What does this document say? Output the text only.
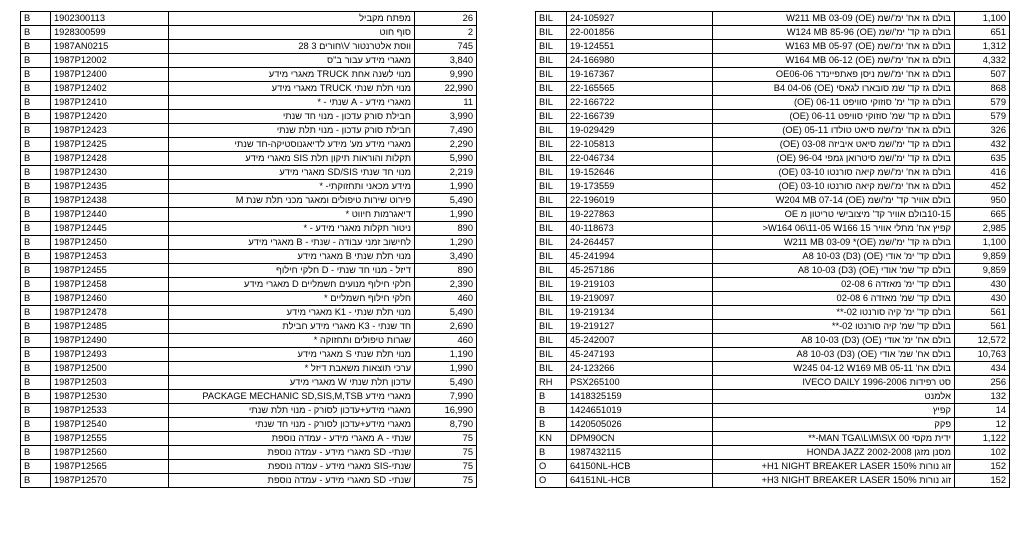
B	1902300113	מפתח מקביל	26
B	1928300599	סוף חוט	2
B	1987AN0215	ווסת אלטרנטור V\חורים 3 28	745
B	1987P12002	מאגרי מידע עבור ב"ס	3,840
B	1987P12400	מנוי לשנה אחת TRUCK מאגרי מידע	9,990
B	1987P12402	מנוי תלת שנתי TRUCK מאגרי מידע	22,990
B	1987P12410	מאגרי מידע - A שנתי - *	11
B	1987P12420	חבילת סורק עדכון - מנוי חד שנתי	3,990
B	1987P12423	חבילת סורק עדכון - מנוי תלת שנתי	7,490
B	1987P12425	מאגרי מידע מע' מידע לדיאגנוסטיקה-חד שנתי	2,290
B	1987P12428	תקלות והוראות תיקון תלת SIS מאגרי מידע	5,990
B	1987P12430	מנוי חד שנתי SD/SIS מאגרי מידע	2,219
B	1987P12435	מידע מכאני ותחזוקתי- *	1,990
B	1987P12438	פירוט שירות טיפולים ומאגר מכני תלת שנת M	5,490
B	1987P12440	דיאגרמות חיווט *	1,990
B	1987P12445	ניטור תקלות מאגרי מידע - *	890
B	1987P12450	לחישוב זמני עבודה - שנתי - B מאגרי מידע	1,290
B	1987P12453	מנוי תלת שנתי B מאגרי מידע	3,490
B	1987P12455	דיזל - מנוי חד שנתי - D חלקי חילוף	890
B	1987P12458	חלקי חילוף מנועים חשמליים D מאגרי מידע	2,390
B	1987P12460	חלקי חילוף חשמליים *	460
B	1987P12478	מנוי תלת שנתי - K1 מאגרי מידע	5,490
B	1987P12485	חד שנתי - K3 מאגרי מידע חבילת	2,690
B	1987P12490	שגרות טיפולים ותחזוקה *	460
B	1987P12493	מנוי תלת שנתי S מאגרי מידע	1,190
B	1987P12500	ערכי תוצאות משאבת דיזל *	1,990
B	1987P12503	עדכון תלת שנתי W מאגרי מידע	5,490
B	1987P12530	PACKAGE MECHANIC SD,SIS,M,TSB מאגרי מידע	7,990
B	1987P12533	מאגרי מידע+עדכון לסורק - מנוי תלת שנתי	16,990
B	1987P12540	מאגרי מידע+עדכון לסורק - מנוי חד שנתי	8,790
B	1987P12555	שנתי - A מאגרי מידע - עמדה נוספת	75
B	1987P12560	שנתי- SD מאגרי מידע - עמדה נוספת	75
B	1987P12565	שנתי-SIS מאגרי מידע - עמדה נוספת	75
B	1987P12570	שנתי- SD מאגרי מידע - עמדה נוספת	75
BIL	24-105927	בולם גז אח' ימ'/שמ W211 MB 03-09 (OE)	1,100
BIL	22-001856	בולם גז קד' ימ'/שמ W124 MB 85-96 (OE)	651
BIL	19-124551	בולם גז אח' ימ'/שמ W163 MB 05-97 (OE)	1,312
BIL	24-166980	בולם גז אח' ימ'/שמ W164 MB 06-12 (OE)	4,332
BIL	19-167367	בולם גז אח' ימ'/שמ ניסן פאתפיינדר OE06-06	507
BIL	22-165565	בולם גז קד' שמ סובארו לגאסי B4 04-06 (OE)	868
BIL	22-166722	בולם גז קד' ימ' סוזוקי סוויפט 06-11 (OE)	579
BIL	22-166739	בולם גז קד' שמ' סוזוקי סוויפט 06-11 (OE)	579
BIL	19-029429	בולם גז אח' ימ'/שמ סיאט טולדו 05-11 (OE)	326
BIL	22-105813	בולם גז קד' ימ'/שמ סיאט איביזה 03-08 (OE)	432
BIL	22-046734	בולם גז קד' ימ'/שמ סיטרואן גמפי 96-04 (OE)	635
BIL	19-152646	בולם גז אח' ימ'/שמ קיאה סורנטו 03-10 (OE)	416
BIL	19-173559	בולם גז אח' ימ'/שמ קיאה סורנטו 03-10 (OE)	452
BIL	22-196019	בולם אוויר קד' ימ'/שמ W204 MB 07-14 (OE)	950
BIL	19-227863	10-15בולם אוויר קד' מיצובישי טריטון מ OE	665
BIL	40-118673	קפיץ אח' מתלי אוויר W164 06\11-05 W166 15<	2,985
BIL	24-264457	בולם גז קד' ימ'/שמ W211 MB 03-09 *(OE)	1,100
BIL	45-241994	בולם קד' ימ' אודי A8 10-03 (D3) (OE)	9,859
BIL	45-257186	בולם קד' שמ' אודי A8 10-03 (D3) (OE)	9,859
BIL	19-219103	בולם קד' ימ' מאזדה 6 02-08	430
BIL	19-219097	בולם קד' שמ' מאזדה 6 02-08	430
BIL	19-219134	בולם קד' ימ' קיה סורנטו 02-**	561
BIL	19-219127	בולם קד' שמ' קיה סורנטו 02-**	561
BIL	45-242007	בולם אח' ימ' אודי A8 10-03 (D3) (OE)	12,572
BIL	45-247193	בולם אח' שמ' אודי A8 10-03 (D3) (OE)	10,763
BIL	24-123266	בולם אח' W245 04-12 W169 MB 05-11	434
RH	PSX265100	סט רפידות IVECO DAILY 1996-2006	256
B	1418325159	אלמנט	132
B	1424651019	קפיץ	14
B	1420505026	פקק	12
KN	DPM90CN	ידית מקסי MAN TGA\L\M\S\X 00-**	1,122
B	1987432115	מסנן מזגן HONDA JAZZ 2002-2008	102
O	64150NL-HCB	זוג נורות H1 NIGHT BREAKER LASER 150%+	152
O	64151NL-HCB	זוג נורות H3 NIGHT BREAKER LASER 150%+	152
